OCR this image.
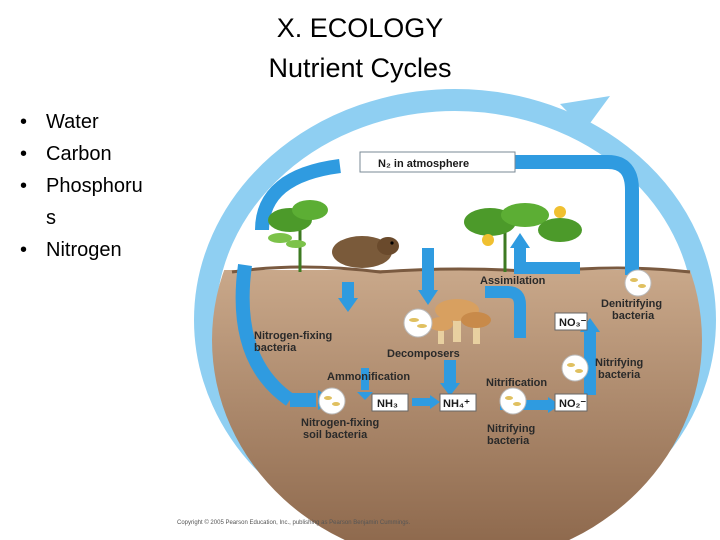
X. ECOLOGY
Nutrient Cycles
• Water
• Carbon
• Phosphoru s
• Nitrogen
N₂ in atmosphere
NO₃⁻
NH₃	NH₄⁺	NO₂⁻
Assimilation
Denitrifying
bacteria
Nitrogen-fixing
bacteria	Decomposers
Nitrifying
bacteria
Ammonification	Nitrification
Nitrogen-fixing
soil bacteria	Nitrifying
bacteria
Copyright © 2005 Pearson Education, Inc., publishing as Pearson Benjamin Cummings.
